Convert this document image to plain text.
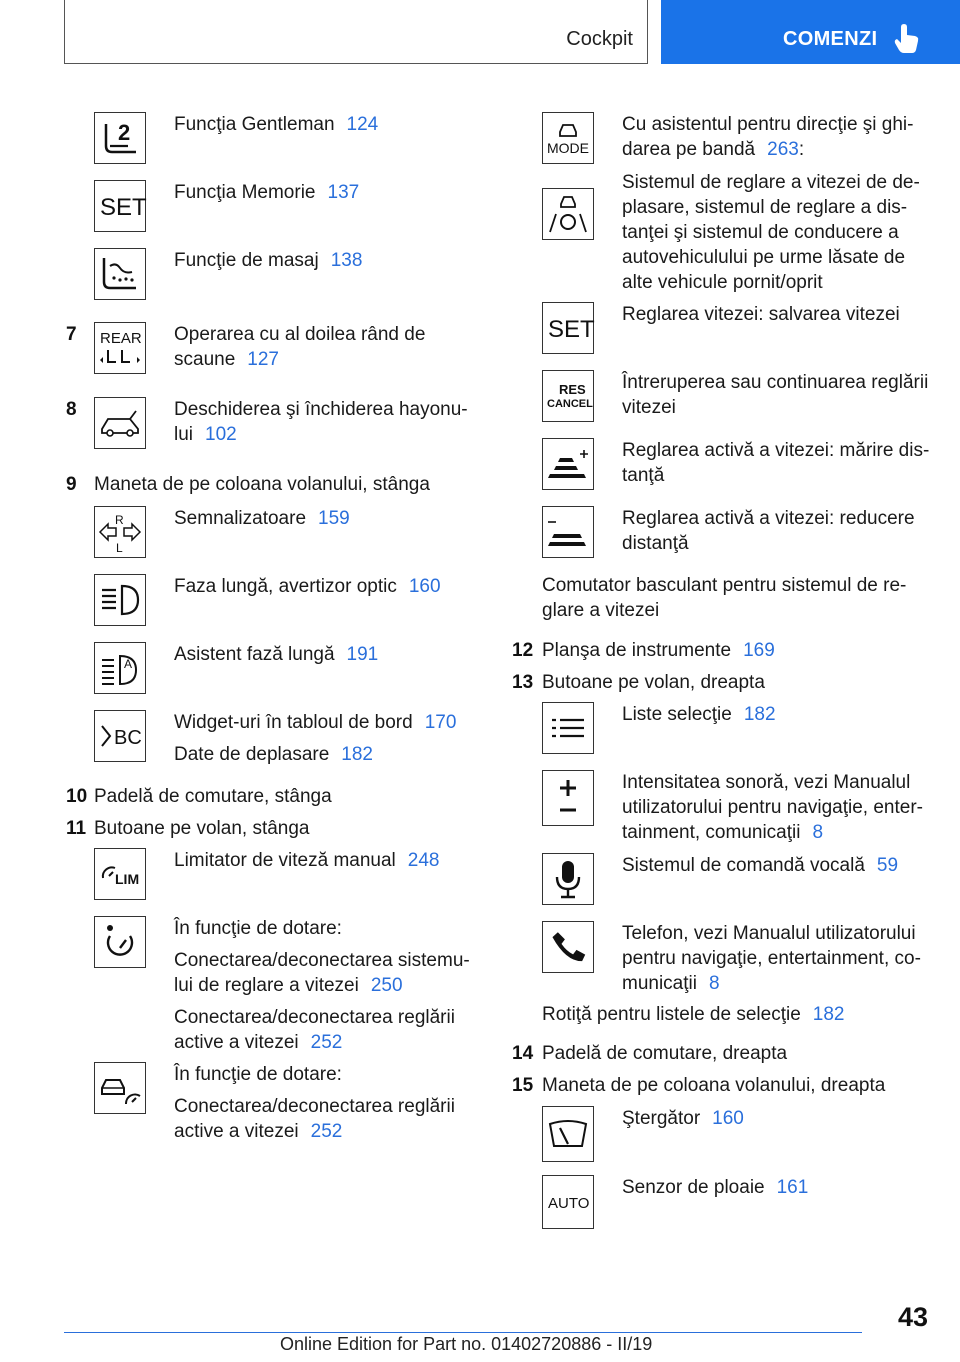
Cockpit	COMENZI
2 Funcţia Gentleman 124
SET
Funcţia Memorie 137
Funcţie de masaj 138
7 REAR Operarea cu al doilea rând de
scaune 127

8	Deschiderea şi închiderea hayonu-
lui 102

9 Maneta de pe coloana volanului, stânga
R
L
Semnalizatoare 159
Faza lungă, avertizor optic 160
A Asistent fază lungă 191
BC

Widget-uri în tabloul de bord 170

Date de deplasare 182

10 Padelă de comutare, stânga
11 Butoane pe volan, stânga
LIM
Limitator de viteză manual 248

În funcţie de dotare:

Conectarea/deconectarea sistemu-
lui de reglare a vitezei 250

Conectarea/deconectarea reglării
active a vitezei 252

În funcţie de dotare:

Conectarea/deconectarea reglării
active a vitezei 252

MODE

Cu asistentul pentru direcţie şi ghi-
darea pe bandă 263:

Sistemul de reglare a vitezei de de-
plasare, sistemul de reglare a dis-
tanţei şi sistemul de conducere a
autovehiculului pe urme lăsate de
alte vehicule pornit/oprit

SET
Reglarea vitezei: salvarea vitezei
RES
CANCEL

Întreruperea sau continuarea reglării
vitezei

Reglarea activă a vitezei: mărire dis-
tanţă

Reglarea activă a vitezei: reducere
distanţă

Comutator basculant pentru sistemul de re-
glare a vitezei
12 Planşa de instrumente 169
13 Butoane pe volan, dreapta
Liste selecţie 182

Intensitatea sonoră, vezi Manualul
utilizatorului pentru navigaţie, enter-
tainment, comunicaţii 8

Sistemul de comandă vocală 59

Telefon, vezi Manualul utilizatorului
pentru navigaţie, entertainment, co-
municaţii 8

Rotiţă pentru listele de selecţie 182
14 Padelă de comutare, dreapta
15 Maneta de pe coloana volanului, dreapta
Ştergător 160
AUTO
Senzor de ploaie 161
43
Online Edition for Part no. 01402720886 - II/19
